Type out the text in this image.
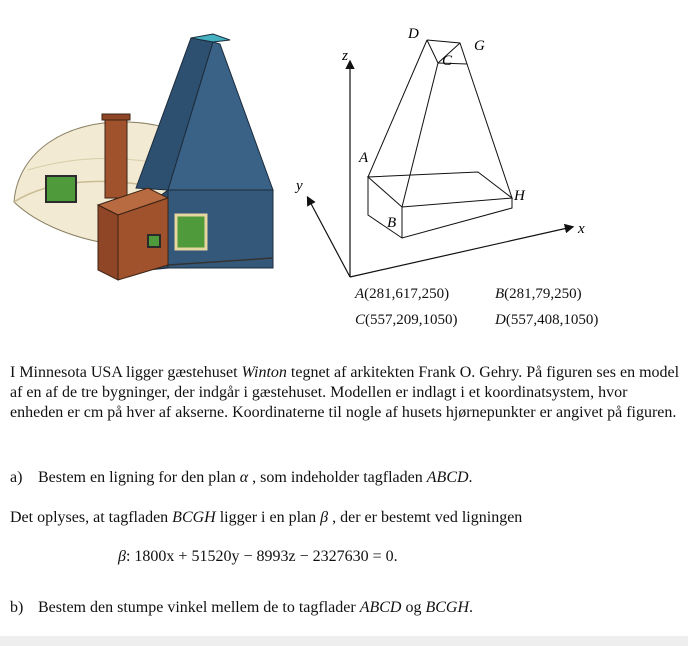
z
x
y
D
G
C
A
B
H
A(281,617,250)	B(281,79,250)
C(557,209,1050) D(557,408,1050)
I Minnesota USA ligger gæstehuset Winton tegnet af arkitekten Frank O. Gehry. På figuren ses en model af en af de tre bygninger, der indgår i gæstehuset. Modellen er indlagt i et koordinatsystem, hvor enheden er cm på hver af akserne. Koordinaterne til nogle af husets hjørnepunkter er angivet på figuren.
a) Bestem en ligning for den plan α , som indeholder tagfladen ABCD.
Det oplyses, at tagfladen BCGH ligger i en plan β , der er bestemt ved ligningen
β: 1800x + 51520y − 8993z − 2327630 = 0.
b) Bestem den stumpe vinkel mellem de to tagflader ABCD og BCGH.
